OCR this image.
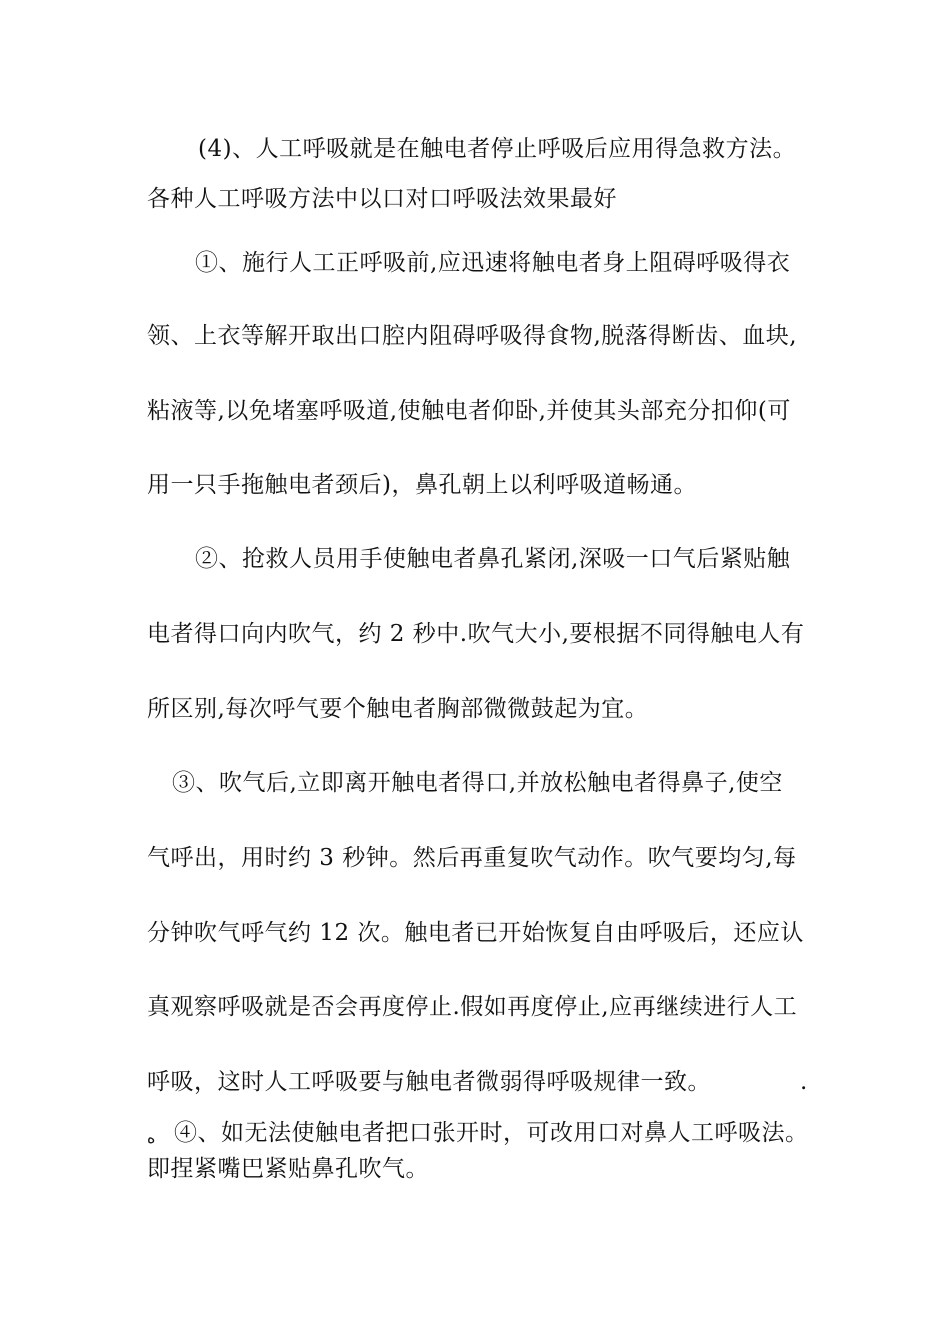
(4)、人工呼吸就是在触电者停止呼吸后应用得急救方法。
各种人工呼吸方法中以口对口呼吸法效果最好
①、施行人工正呼吸前,应迅速将触电者身上阻碍呼吸得衣
领、上衣等解开取出口腔内阻碍呼吸得食物,脱落得断齿、血块,
粘液等,以免堵塞呼吸道,使触电者仰卧,并使其头部充分扣仰(可
用一只手拖触电者颈后)，鼻孔朝上以利呼吸道畅通。
②、抢救人员用手使触电者鼻孔紧闭,深吸一口气后紧贴触
电者得口向内吹气，约 2 秒中.吹气大小,要根据不同得触电人有
所区别,每次呼气要个触电者胸部微微鼓起为宜。
③、吹气后,立即离开触电者得口,并放松触电者得鼻子,使空
气呼出，用时约 3 秒钟。然后再重复吹气动作。吹气要均匀,每
分钟吹气呼气约 12 次。触电者已开始恢复自由呼吸后，还应认
真观察呼吸就是否会再度停止.假如再度停止,应再继续进行人工
呼吸，这时人工呼吸要与触电者微弱得呼吸规律一致。	.
ه ④、如无法使触电者把口张开时，可改用口对鼻人工呼吸法。
即捏紧嘴巴紧贴鼻孔吹气。
